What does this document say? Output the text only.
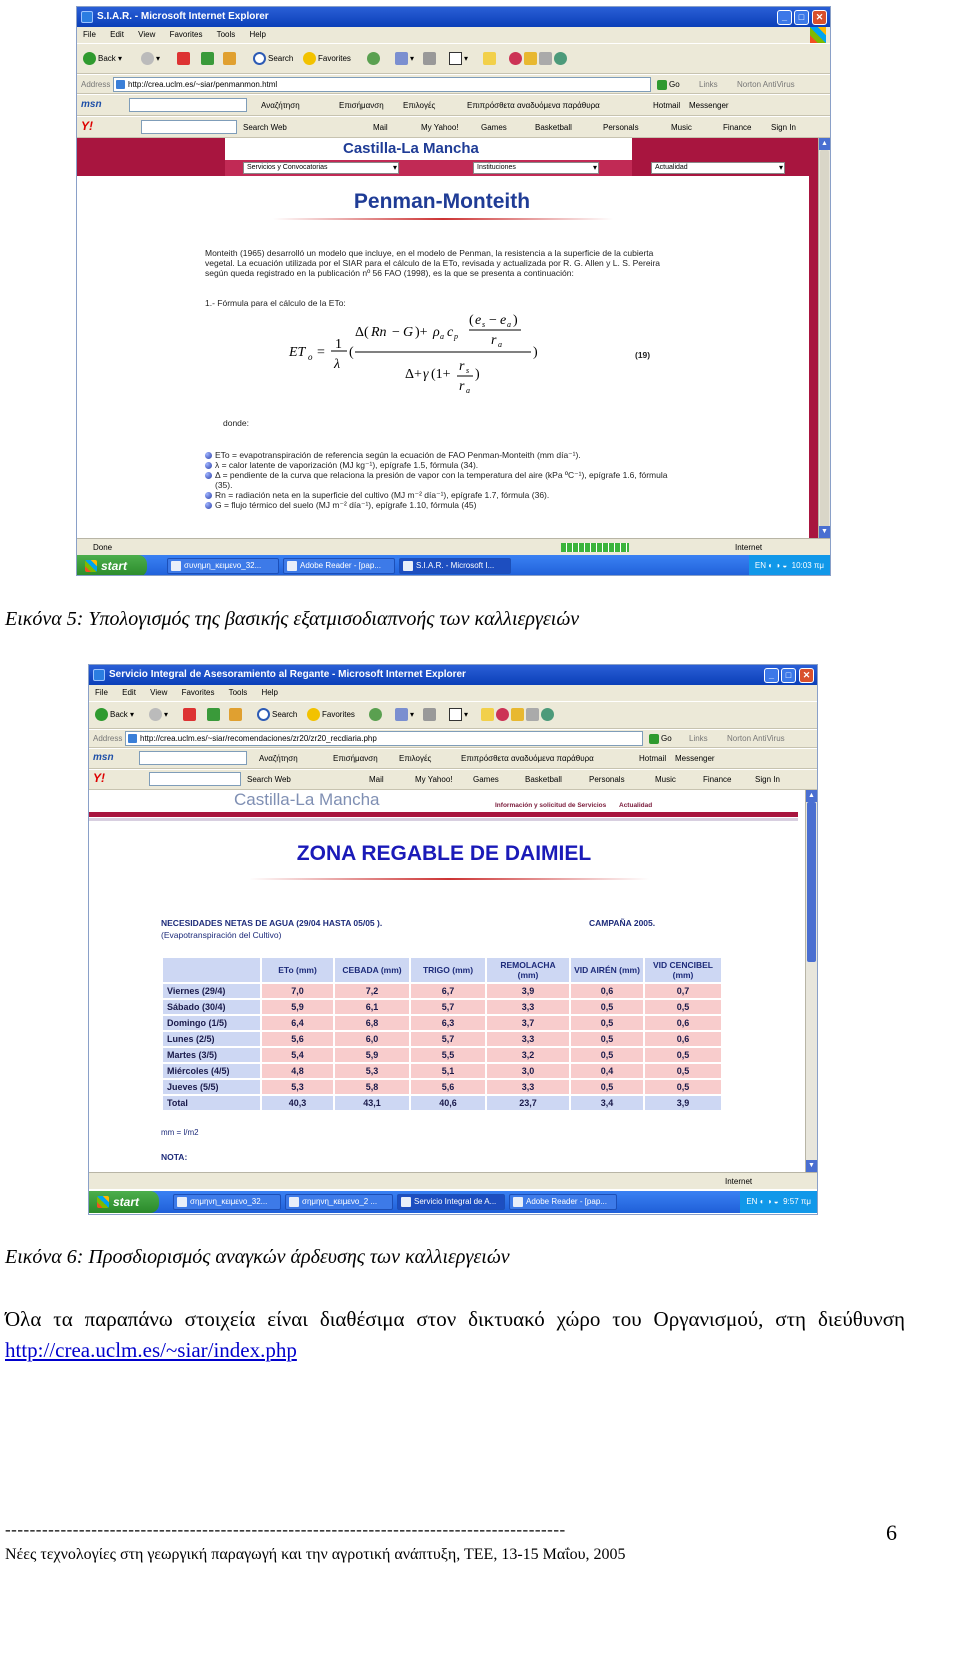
S.I.A.R. - Microsoft Internet Explorer	_	□	✕
File Edit View Favorites Tools Help
Back ▾	▾	Search	Favorites	▾	▾
Address	http://crea.uclm.es/~siar/penmanmon.html	Go	Links Norton AntiVirus
msn	Αναζήτηση	Επισήμανση Επιλογές	Επιπρόσθετα αναδυόμενα παράθυρα	Hotmail Messenger
Y!	Search Web	Mail	My Yahoo!	Games	Basketball	Personals	Music	Finance Sign In
Castilla-La Mancha
Servicios y Convocatorias ▾	Instituciones ▾	Actualidad ▾
Penman-Monteith
Monteith (1965) desarrolló un modelo que incluye, en el modelo de Penman, la resistencia a la superficie de la cubierta vegetal. La ecuación utilizada por el SIAR para el cálculo de la ETo, revisada y actualizada por R. G. Allen y L. S. Pereira según queda registrado en la publicación nº 56 FAO (1998), es la que se presenta a continuación:
1.- Fórmula para el cálculo de la ETo:
ET o =
1
λ
(
Δ( Rn − G )+ ρ a c p
( e s − e a )
r a
Δ+ γ (1+
r s
r a
)
)	(19)
donde:
ETo = evapotranspiración de referencia según la ecuación de FAO Penman-Monteith (mm día⁻¹).
λ = calor latente de vaporización (MJ kg⁻¹), epígrafe 1.5, fórmula (34).
Δ = pendiente de la curva que relaciona la presión de vapor con la temperatura del aire (kPa ºC⁻¹), epígrafe 1.6, fórmula (35).
Rn = radiación neta en la superficie del cultivo (MJ m⁻² día⁻¹), epígrafe 1.7, fórmula (36).
G = flujo térmico del suelo (MJ m⁻² día⁻¹), epígrafe 1.10, fórmula (45)
▲
▼
Done	Internet
start	συνημη_κειμενο_32...	Adobe Reader - [pap...	S.I.A.R. - Microsoft I...	EN ◐ ◑ ◒  10:03 πμ
Εικόνα 5: Υπολογισμός της βασικής εξατμισοδιαπνοής των καλλιεργειών
Servicio Integral de Asesoramiento al Regante - Microsoft Internet Explorer	_	□	✕
File Edit View Favorites Tools Help
Back ▾	▾	Search	Favorites	▾	▾
Address	http://crea.uclm.es/~siar/recomendaciones/zr20/zr20_recdiaria.php	Go	Links Norton AntiVirus
msn	Αναζήτηση	Επισήμανση	Επιλογές	Επιπρόσθετα αναδυόμενα παράθυρα	Hotmail Messenger
Y!	Search Web	Mail	My Yahoo!	Games	Basketball	Personals	Music	Finance	Sign In
Castilla-La Mancha	Información y solicitud de Servicios Actualidad
ZONA REGABLE DE DAIMIEL
NECESIDADES NETAS DE AGUA (29/04 HASTA 05/05 ).
(Evapotranspiración del Cultivo)
CAMPAÑA 2005.
	ETo (mm)	CEBADA (mm)	TRIGO (mm)	REMOLACHA (mm)	VID AIRÉN (mm)	VID CENCIBEL (mm)
Viernes (29/4)	7,0	7,2	6,7	3,9	0,6	0,7
Sábado (30/4)	5,9	6,1	5,7	3,3	0,5	0,5
Domingo (1/5)	6,4	6,8	6,3	3,7	0,5	0,6
Lunes (2/5)	5,6	6,0	5,7	3,3	0,5	0,6
Martes (3/5)	5,4	5,9	5,5	3,2	0,5	0,5
Miércoles (4/5)	4,8	5,3	5,1	3,0	0,4	0,5
Jueves (5/5)	5,3	5,8	5,6	3,3	0,5	0,5
Total	40,3	43,1	40,6	23,7	3,4	3,9
mm = l/m2
NOTA:
▲
▼
Internet
start	σημηνη_κειμενο_32...	σημηνη_κειμενο_2 ...	Servicio Integral de A...	Adobe Reader - [pap...	EN ◐ ◑ ◒  9:57 πμ
Εικόνα 6: Προσδιορισμός αναγκών άρδευσης των καλλιεργειών
Όλα τα παραπάνω στοιχεία είναι διαθέσιμα στον δικτυακό χώρο του Οργανισμού, στη διεύθυνση http://crea.uclm.es/~siar/index.php
-------------------------------------------------------------------------------------------	6
Νέες τεχνολογίες στη γεωργική παραγωγή και την αγροτική ανάπτυξη, ΤΕΕ, 13-15 Μαΐου, 2005
